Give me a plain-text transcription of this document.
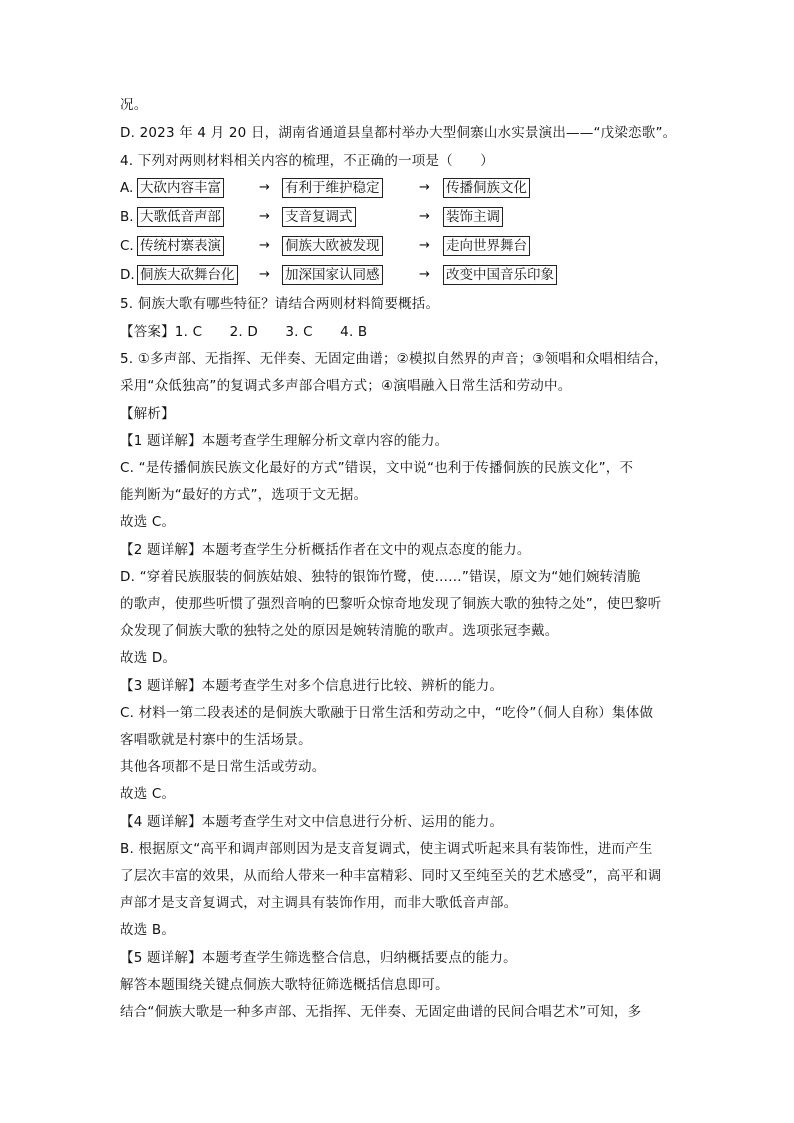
况。
D. 2023 年 4 月 20 日，湖南省通道县皇都村举办大型侗寨山水实景演出——“戊梁恋歌”。
4. 下列对两则材料相关内容的梳理，不正确的一项是（　　）
A. 大砍内容丰富	→ 有利于维护稳定	→ 传播侗族文化
B. 大歌低音声部	→ 支音复调式	→ 装饰主调
C. 传统村寨表演	→ 侗族大欧被发现	→ 走向世界舞台
D. 侗族大砍舞台化 → 加深国家认同感	→ 改变中国音乐印象
5. 侗族大歌有哪些特征？请结合两则材料简要概括。
【答案】1. C　　2. D　　3. C　　4. B
5. ①多声部、无指挥、无伴奏、无固定曲谱；②模拟自然界的声音；③领唱和众唱相结合，
采用“众低独高”的复调式多声部合唱方式；④演唱融入日常生活和劳动中。
【解析】
【1 题详解】本题考查学生理解分析文章内容的能力。
C. “是传播侗族民族文化最好的方式”错误，文中说“也利于传播侗族的民族文化”，不
能判断为“最好的方式”，选项于文无据。
故选 C。
【2 题详解】本题考查学生分析概括作者在文中的观点态度的能力。
D. “穿着民族服装的侗族姑娘、独特的银饰竹鹭，使……”错误，原文为“她们婉转清脆
的歌声，使那些听惯了强烈音响的巴黎听众惊奇地发现了铜族大歌的独特之处”，使巴黎听
众发现了侗族大歌的独特之处的原因是婉转清脆的歌声。选项张冠李戴。
故选 D。
【3 题详解】本题考查学生对多个信息进行比较、辨析的能力。
C. 材料一第二段表述的是侗族大歌融于日常生活和劳动之中，“吃伶”（侗人自称）集体做
客唱歌就是村寨中的生活场景。
其他各项都不是日常生活或劳动。
故选 C。
【4 题详解】本题考查学生对文中信息进行分析、运用的能力。
B. 根据原文“高平和调声部则因为是支音复调式，使主调式听起来具有装饰性，进而产生
了层次丰富的效果，从而给人带来一种丰富精彩、同时又至纯至关的艺术感受”，高平和调
声部才是支音复调式，对主调具有装饰作用，而非大歌低音声部。
故选 B。
【5 题详解】本题考查学生筛选整合信息，归纳概括要点的能力。
解答本题围绕关键点侗族大歌特征筛选概括信息即可。
结合“侗族大歌是一种多声部、无指挥、无伴奏、无固定曲谱的民间合唱艺术”可知，多
